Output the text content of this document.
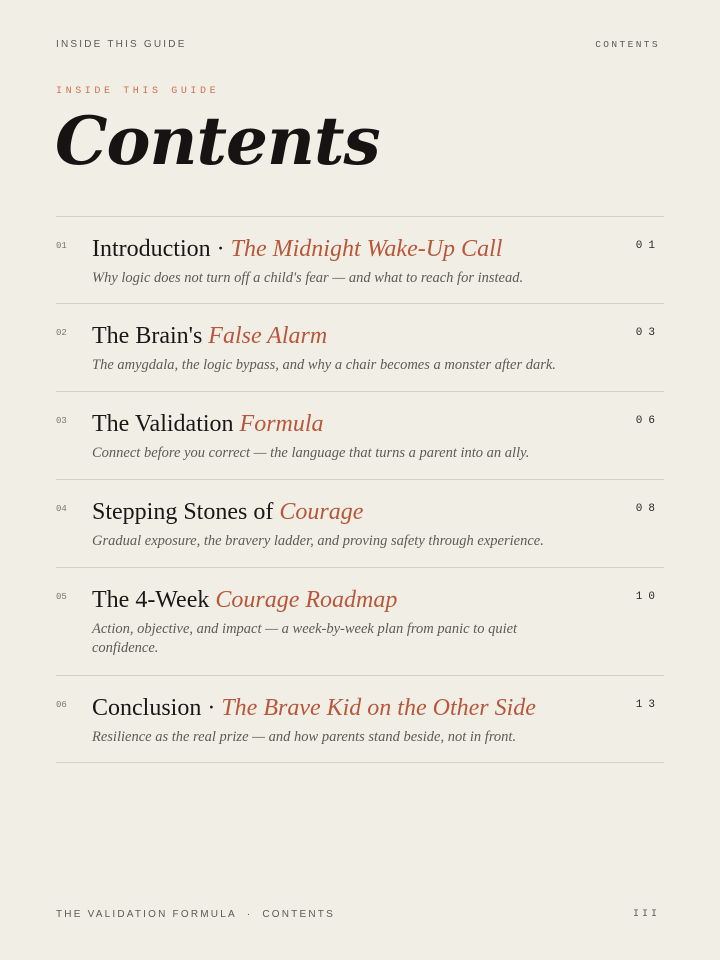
INSIDE THIS GUIDE	CONTENTS
INSIDE THIS GUIDE
Contents
01 Introduction · The Midnight Wake-Up Call
Why logic does not turn off a child's fear — and what to reach for instead.
01
02 The Brain's False Alarm
The amygdala, the logic bypass, and why a chair becomes a monster after dark.
03
03 The Validation Formula
Connect before you correct — the language that turns a parent into an ally.
06
04 Stepping Stones of Courage
Gradual exposure, the bravery ladder, and proving safety through experience.
08
05 The 4-Week Courage Roadmap
Action, objective, and impact — a week-by-week plan from panic to quiet confidence.
10
06 Conclusion · The Brave Kid on the Other Side
Resilience as the real prize — and how parents stand beside, not in front.
13
THE VALIDATION FORMULA · CONTENTS	III
